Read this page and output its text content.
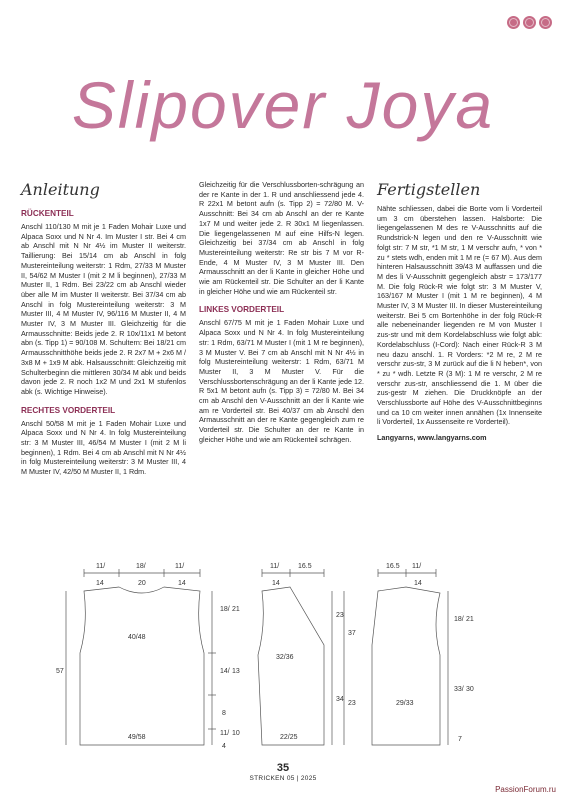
Slipover Joya
Anleitung
RÜCKENTEIL

Anschl 110/130 M mit je 1 Faden Mohair Luxe und Alpaca Soxx und N Nr 4. Im Muster I str. Bei 4 cm ab Anschl mit N Nr 4½ im Muster II weiterstr. Taillierung: Bei 15/14 cm ab Anschl in folg Mustereinteilung weiterstr: 1 Rdm, 27/33 M Muster II, 54/62 M Muster I (mit 2 M li beginnen), 27/33 M Muster II, 1 Rdm. Bei 23/22 cm ab Anschl wieder über alle M im Muster II weiterstr. Bei 37/34 cm ab Anschl in folg Mustereinteilung weiterstr: 3 M Muster III, 4 M Muster IV, 96/116 M Muster II, 4 M Muster IV, 3 M Muster III. Gleichzeitig für die Armausschnitte: Beids jede 2. R 10x/11x1 M betont abn (s. Tipp 1) = 90/108 M. Schultern: Bei 18/21 cm Armausschnitthöhe beids jede 2. R 2x7 M + 2x6 M / 3x8 M + 1x9 M abk. Halsausschnitt: Gleichzeitig mit Schulterbeginn die mittleren 30/34 M abk und beids davon jede 2. R noch 1x2 M und 2x1 M stufenlos abk (s. Wichtige Hinweise).

RECHTES VORDERTEIL

Anschl 50/58 M mit je 1 Faden Mohair Luxe und Alpaca Soxx und N Nr 4. In folg Mustereinteilung str: 3 M Muster III, 46/54 M Muster I (mit 2 M li beginnen), 1 Rdm. Bei 4 cm ab Anschl mit N Nr 4½ in folg Mustereinteilung weiterstr: 3 M Muster III, 4 M Muster IV, 42/50 M Muster II, 1 Rdm.

Gleichzeitig für die Verschlussborten-schrägung an der re Kante in der 1. R und anschliessend jede 4. R 22x1 M betont aufn (s. Tipp 2) = 72/80 M. V-Ausschnitt: Bei 34 cm ab Anschl an der re Kante 1x7 M und weiter jede 2. R 30x1 M liegenlassen. Die liegengelassenen M auf eine Hilfs-N legen. Gleichzeitig bei 37/34 cm ab Anschl in folg Mustereinteilung weiterstr: Re str bis 7 M vor R-Ende, 4 M Muster IV, 3 M Muster III. Den Armausschnitt an der li Kante in gleicher Höhe und wie am Rückenteil str. Die Schulter an der li Kante in gleicher Höhe und wie am Rückenteil str.

LINKES VORDERTEIL

Anschl 67/75 M mit je 1 Faden Mohair Luxe und Alpaca Soxx und N Nr 4. In folg Mustereinteilung str: 1 Rdm, 63/71 M Muster I (mit 1 M re beginnen), 3 M Muster V. Bei 7 cm ab Anschl mit N Nr 4½ in folg Mustereinteilung weiterstr: 1 Rdm, 63/71 M Muster II, 3 M Muster V. Für die Verschlussbortenschrägung an der li Kante jede 12. R 5x1 M betont aufn (s. Tipp 3) = 72/80 M. Bei 34 cm ab Anschl den V-Ausschnitt an der li Kante wie am re Vorderteil str. Bei 40/37 cm ab Anschl den Armausschnitt an der re Kante gegengleich zum re Vorderteil str. Die Schulter an der re Kante in gleicher Höhe und wie am Rückenteil schrägen.

Fertigstellen

Nähte schliessen, dabei die Borte vom li Vorderteil um 3 cm überstehen lassen. Halsborte: Die liegengelassenen M des re V-Ausschnitts auf die Rundstrick-N legen und den re V-Ausschnitt wie folgt str: 7 M str, *1 M str, 1 M verschr aufn, * von * zu * stets wdh, enden mit 1 M re (= 67 M). Aus dem hinteren Halsausschnitt 39/43 M auffassen und die M des li V-Ausschnitt gegengleich abstr = 173/177 M. Die folg Rück-R wie folgt str: 3 M Muster V, 163/167 M Muster I (mit 1 M re beginnen), 4 M Muster IV, 3 M Muster III. In dieser Mustereinteilung weiterstr. Bei 5 cm Bortenhöhe in der folg Rück-R alle nebeneinander liegenden re M von Muster I zus-str und mit dem Kordelabschluss wie folgt abk: Kordelabschluss (I-Cord): Nach einer Rück-R 3 M neu dazu anschl. 1. R Vorders: *2 M re, 2 M re verschr zus-str, 3 M zurück auf die li N heben*, von * zu * wdh. Letzte R (3 M): 1 M re verschr, 2 M re verschr zus-str, anschliessend die 1. M über die zus-gestr M ziehen. Die Druckknöpfe an der Verschlussborte auf Höhe des V-Ausschnittbeginns und ca 10 cm weiter innen annähen (1x Innenseite li Vorderteil, 1x Aussenseite re Vorderteil).

Langyarns, www.langyarns.com

11/
14
18/
20
11/
14
57
40/48
49/58
18/ 21
14/ 13
8
11/ 10
4
11/
14
16.5
32/36
22/25
23
37
34
23
16.5 11/
14
18/ 21
33/ 30
7
29/33
35
STRICKEN 05 | 2025
PassionForum.ru
